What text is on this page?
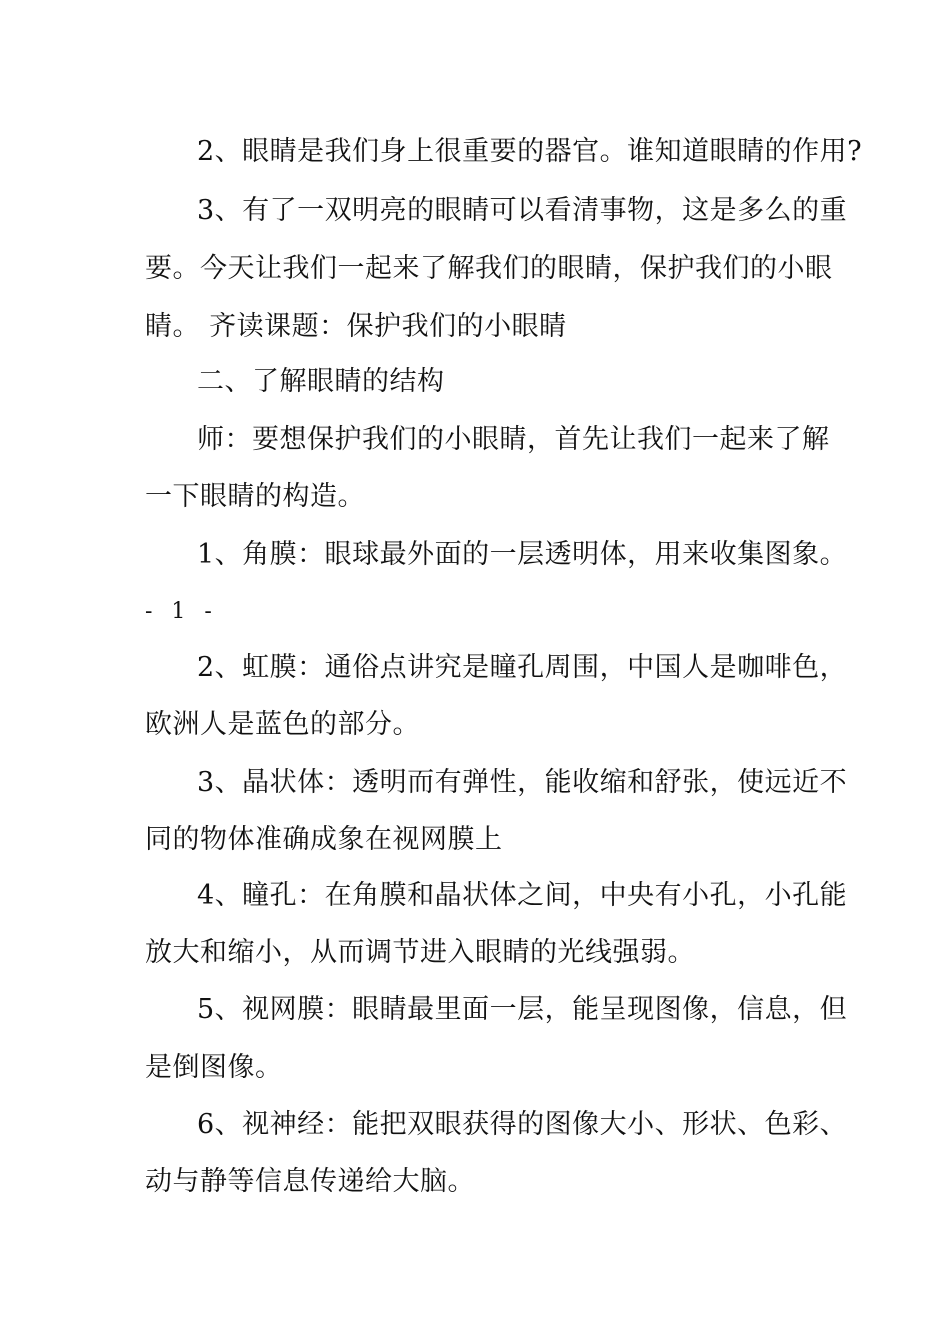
2、眼睛是我们身上很重要的器官。谁知道眼睛的作用?
3、有了一双明亮的眼睛可以看清事物，这是多么的重
要。今天让我们一起来了解我们的眼睛，保护我们的小眼
睛。 齐读课题：保护我们的小眼睛
二、了解眼睛的结构
师：要想保护我们的小眼睛，首先让我们一起来了解
一下眼睛的构造。
1、角膜：眼球最外面的一层透明体，用来收集图象。
- 1 -
2、虹膜：通俗点讲究是瞳孔周围，中国人是咖啡色，
欧洲人是蓝色的部分。
3、晶状体：透明而有弹性，能收缩和舒张，使远近不
同的物体准确成象在视网膜上
4、瞳孔：在角膜和晶状体之间，中央有小孔，小孔能
放大和缩小，从而调节进入眼睛的光线强弱。
5、视网膜：眼睛最里面一层，能呈现图像，信息，但
是倒图像。
6、视神经：能把双眼获得的图像大小、形状、色彩、
动与静等信息传递给大脑。
